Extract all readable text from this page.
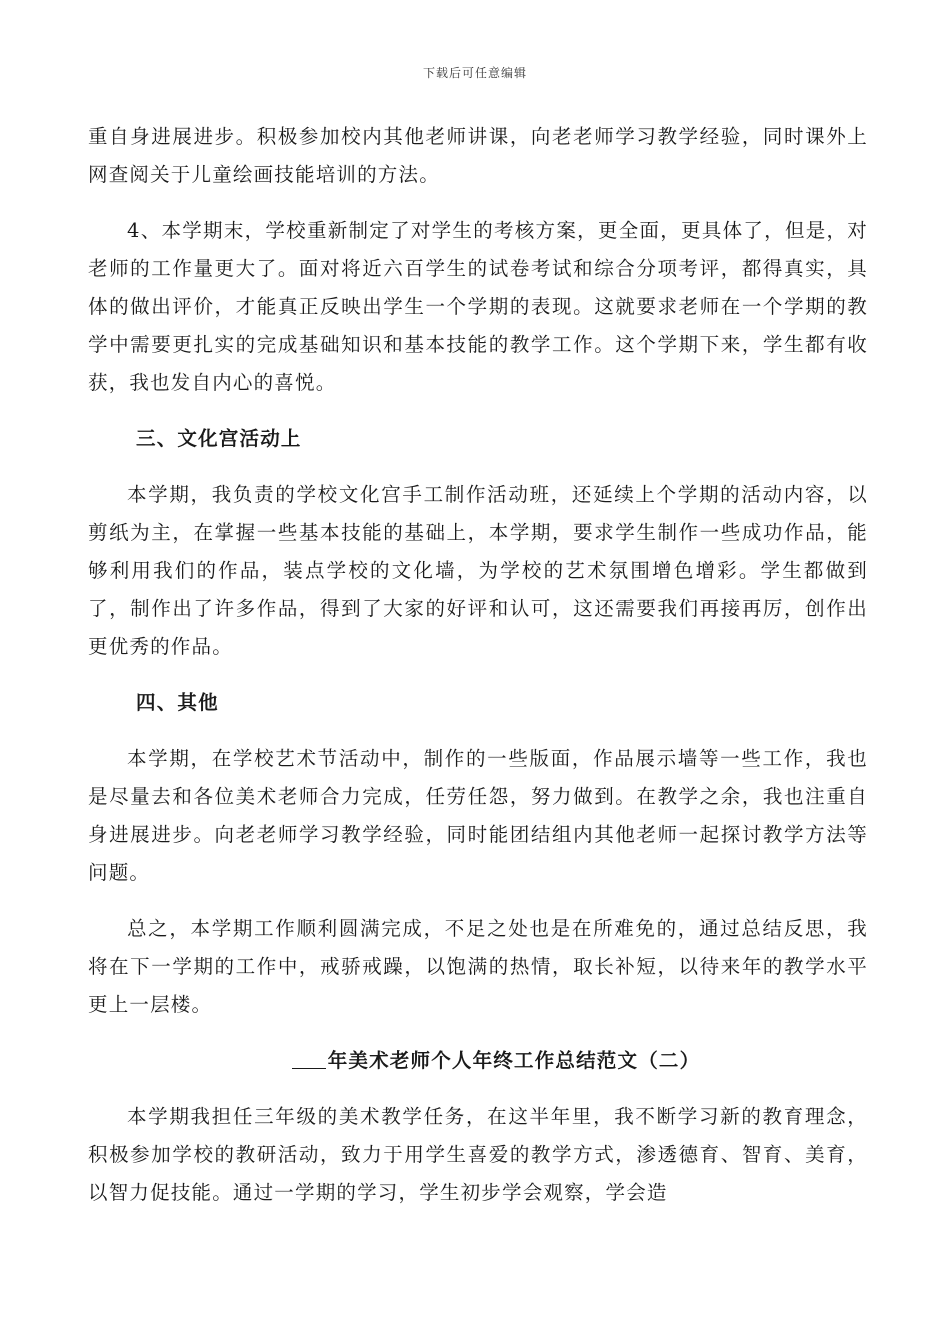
下载后可任意编辑

重自身进展进步。积极参加校内其他老师讲课，向老老师学习教学经验，同时课外上网查阅关于儿童绘画技能培训的方法。

4、本学期末，学校重新制定了对学生的考核方案，更全面，更具体了，但是，对老师的工作量更大了。面对将近六百学生的试卷考试和综合分项考评，都得真实，具体的做出评价，才能真正反映出学生一个学期的表现。这就要求老师在一个学期的教学中需要更扎实的完成基础知识和基本技能的教学工作。这个学期下来，学生都有收获，我也发自内心的喜悦。

三、文化宫活动上

本学期，我负责的学校文化宫手工制作活动班，还延续上个学期的活动内容，以剪纸为主，在掌握一些基本技能的基础上，本学期，要求学生制作一些成功作品，能够利用我们的作品，装点学校的文化墙，为学校的艺术氛围增色增彩。学生都做到了，制作出了许多作品，得到了大家的好评和认可，这还需要我们再接再厉，创作出更优秀的作品。

四、其他

本学期，在学校艺术节活动中，制作的一些版面，作品展示墙等一些工作，我也是尽量去和各位美术老师合力完成，任劳任怨，努力做到。在教学之余，我也注重自身进展进步。向老老师学习教学经验，同时能团结组内其他老师一起探讨教学方法等问题。

总之，本学期工作顺利圆满完成，不足之处也是在所难免的，通过总结反思，我将在下一学期的工作中，戒骄戒躁，以饱满的热情，取长补短，以待来年的教学水平更上一层楼。

年美术老师个人年终工作总结范文（二）

本学期我担任三年级的美术教学任务，在这半年里，我不断学习新的教育理念，积极参加学校的教研活动，致力于用学生喜爱的教学方式，渗透德育、智育、美育，以智力促技能。通过一学期的学习，学生初步学会观察，学会造
